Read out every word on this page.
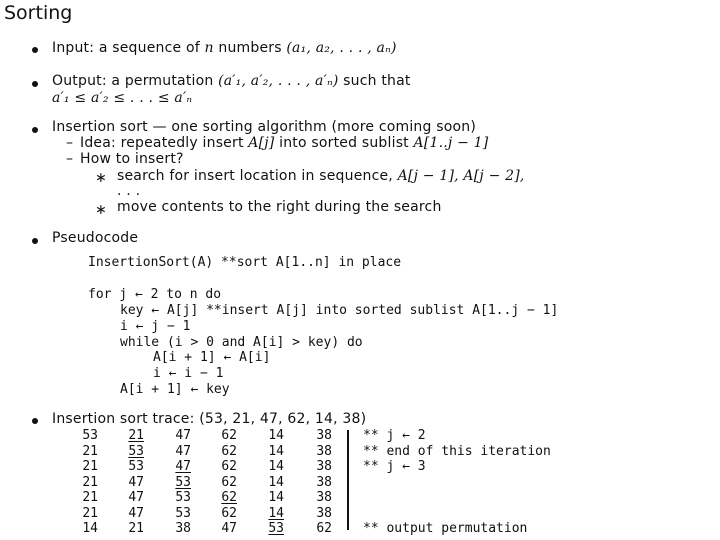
Sorting
Input: a sequence of n numbers (a₁, a₂, . . . , aₙ)
Output: a permutation (a′₁, a′₂, . . . , a′ₙ) such that
a′₁ ≤ a′₂ ≤ . . . ≤ a′ₙ
Insertion sort — one sorting algorithm (more coming soon)
– Idea: repeatedly insert A[j] into sorted sublist A[1..j − 1]
– How to insert?
∗ search for insert location in sequence, A[j − 1], A[j − 2],
. . .
∗ move contents to the right during the search
Pseudocode
InsertionSort(A) **sort A[1..n] in place
for j ← 2 to n do
key ← A[j] **insert A[j] into sorted sublist A[1..j − 1]
i ← j − 1
while (i > 0 and A[i] > key) do
A[i + 1] ← A[i]
i ← i − 1
A[i + 1] ← key
Insertion sort trace: (53, 21, 47, 62, 14, 38)
53	21	47	62	14	38 ** j ← 2
21	53	47	62	14	38 ** end of this iteration
21	53	47	62	14	38 ** j ← 3
21	47	53	62	14	38
21	47	53	62	14	38
21	47	53	62	14	38
14	21	38	47	53	62 ** output permutation
